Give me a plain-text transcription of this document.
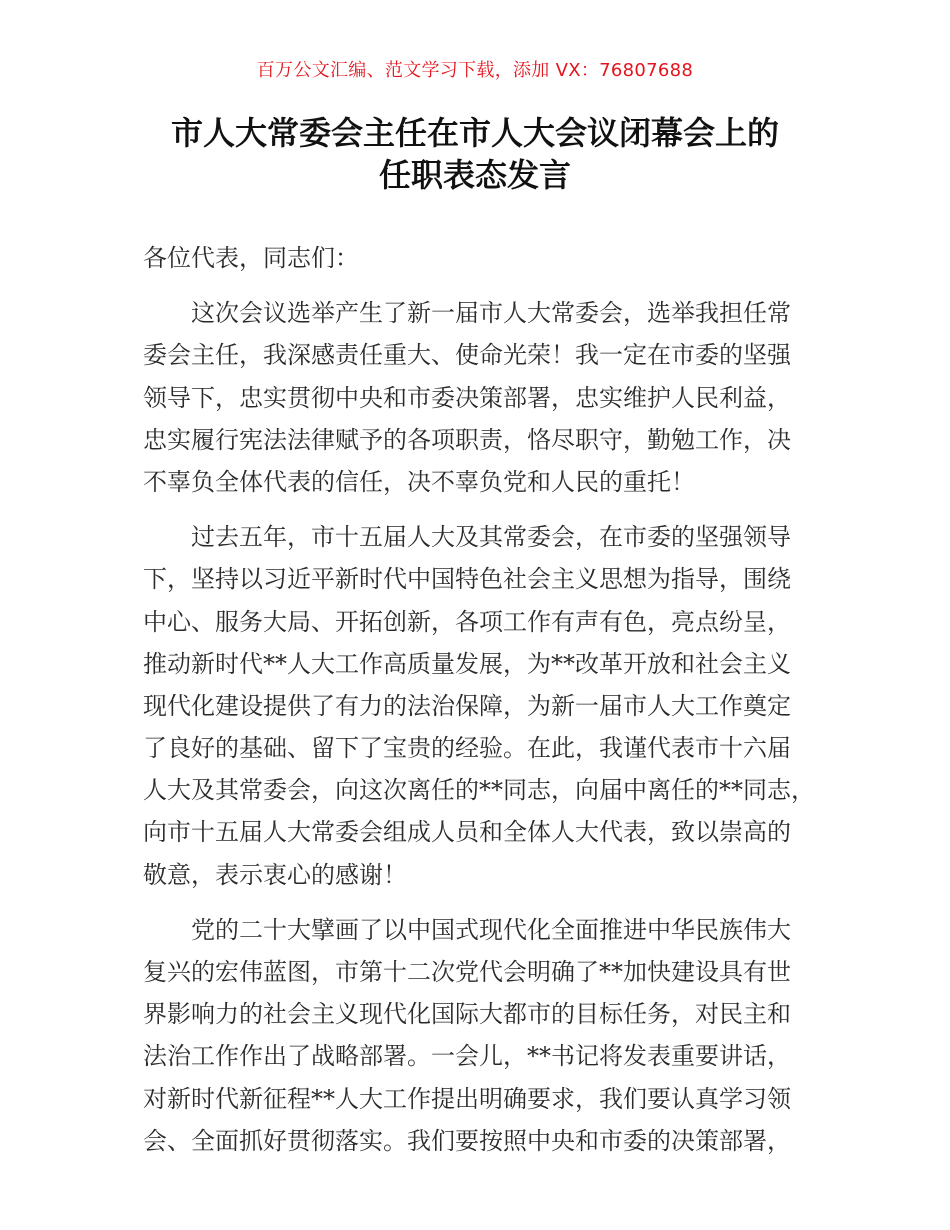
百万公文汇编、范文学习下载，添加 VX：76807688
市人大常委会主任在市人大会议闭幕会上的
任职表态发言
各位代表，同志们：
这次会议选举产生了新一届市人大常委会，选举我担任常
委会主任，我深感责任重大、使命光荣！我一定在市委的坚强
领导下，忠实贯彻中央和市委决策部署，忠实维护人民利益，
忠实履行宪法法律赋予的各项职责，恪尽职守，勤勉工作，决
不辜负全体代表的信任，决不辜负党和人民的重托！
过去五年，市十五届人大及其常委会，在市委的坚强领导
下，坚持以习近平新时代中国特色社会主义思想为指导，围绕
中心、服务大局、开拓创新，各项工作有声有色，亮点纷呈，
推动新时代**人大工作高质量发展，为**改革开放和社会主义
现代化建设提供了有力的法治保障，为新一届市人大工作奠定
了良好的基础、留下了宝贵的经验。在此，我谨代表市十六届
人大及其常委会，向这次离任的**同志，向届中离任的**同志，
向市十五届人大常委会组成人员和全体人大代表，致以崇高的
敬意，表示衷心的感谢！
党的二十大擘画了以中国式现代化全面推进中华民族伟大
复兴的宏伟蓝图，市第十二次党代会明确了**加快建设具有世
界影响力的社会主义现代化国际大都市的目标任务，对民主和
法治工作作出了战略部署。一会儿，**书记将发表重要讲话，
对新时代新征程**人大工作提出明确要求，我们要认真学习领
会、全面抓好贯彻落实。我们要按照中央和市委的决策部署，
